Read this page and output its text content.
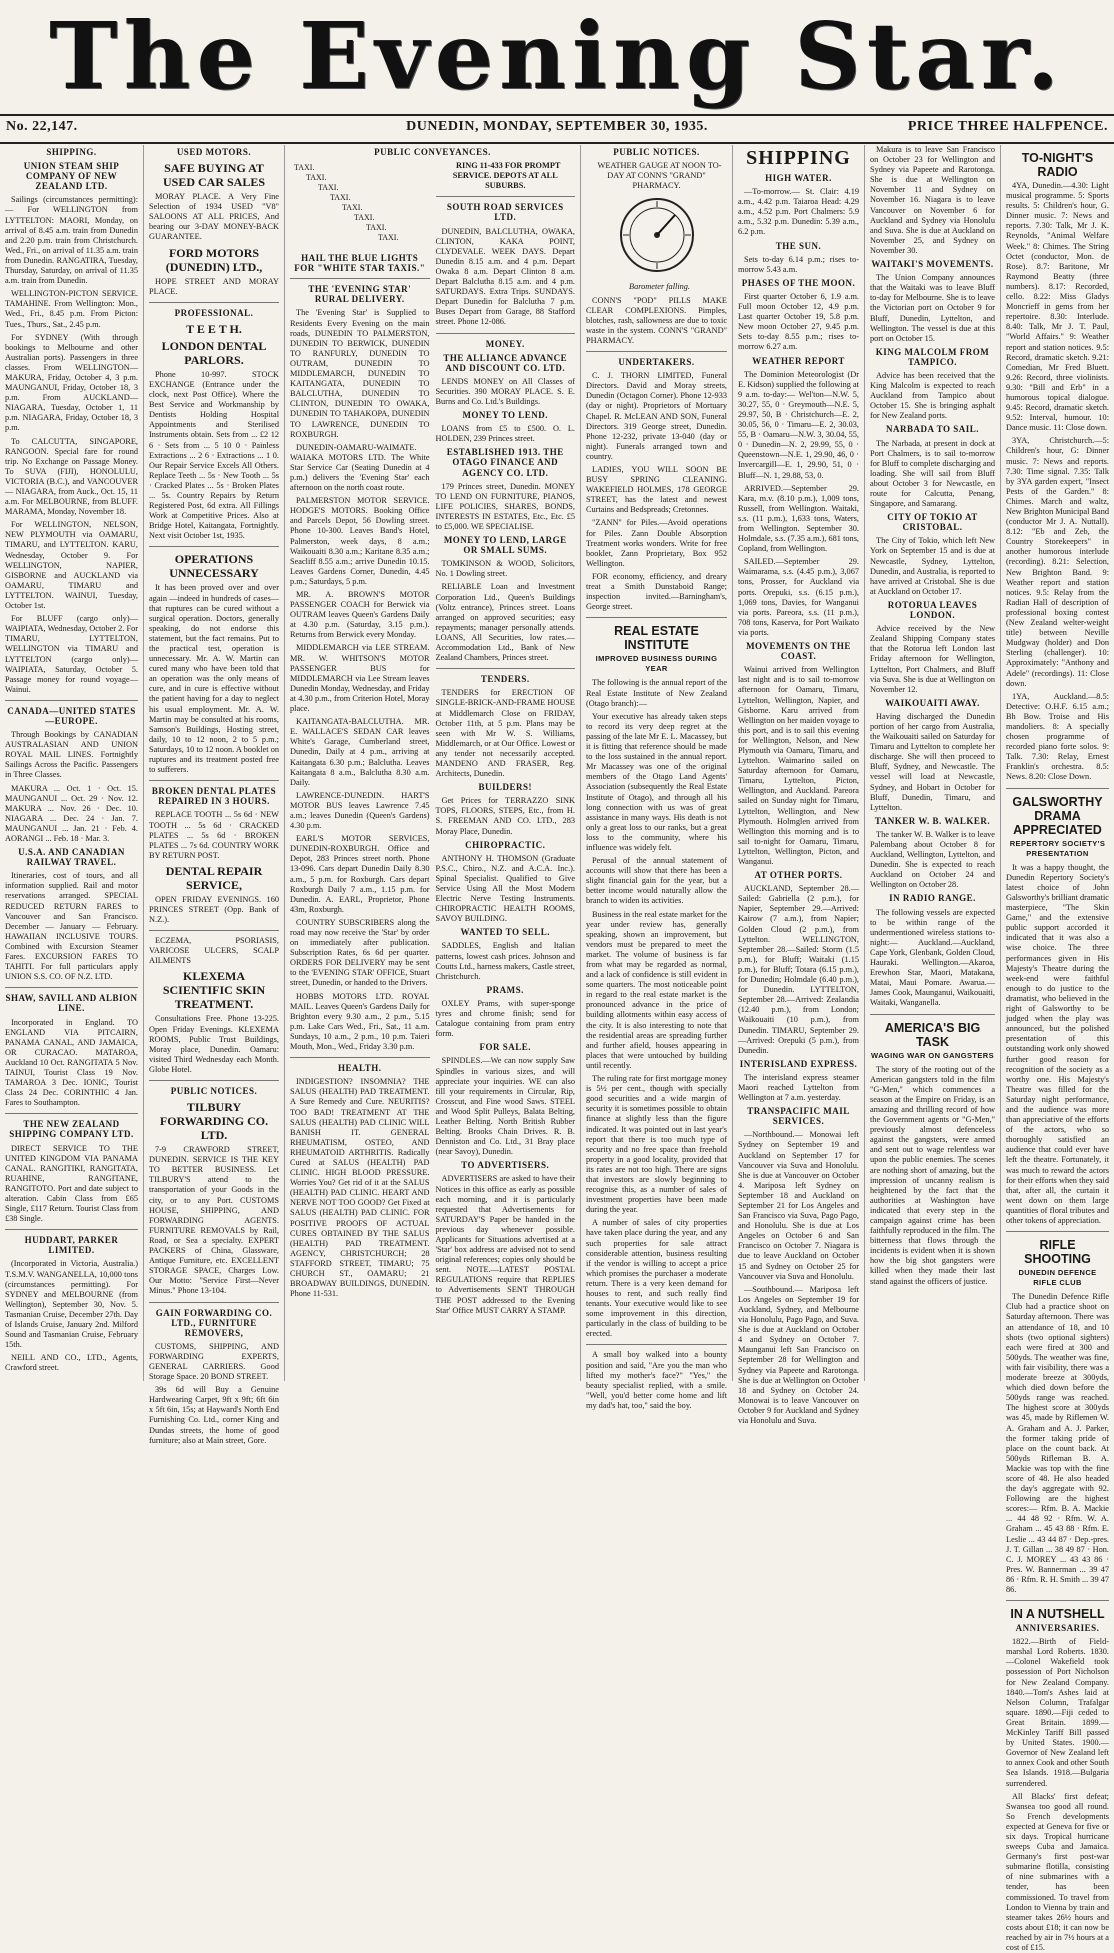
The Evening Star.
No. 22,147.	DUNEDIN, MONDAY, SEPTEMBER 30, 1935.	PRICE THREE HALFPENCE.
SHIPPING.
UNION STEAM SHIP COMPANY OF NEW ZEALAND LTD.

Sailings (circumstances permitting):— For WELLINGTON from LYTTELTON: MAORI, Monday, on arrival of 8.45 a.m. train from Dunedin and 2.20 p.m. train from Christchurch. Wed., Fri., on arrival of 11.35 a.m. train from Dunedin. RANGATIRA, Tuesday, Thursday, Saturday, on arrival of 11.35 a.m. train from Dunedin.

WELLINGTON-PICTON SERVICE. TAMAHINE. From Wellington: Mon., Wed., Fri., 8.45 p.m. From Picton: Tues., Thurs., Sat., 2.45 p.m.

For SYDNEY (With through bookings to Melbourne and other Australian ports). Passengers in three classes. From WELLINGTON— MAKURA, Friday, October 4, 3 p.m. MAUNGANUI, Friday, October 18, 3 p.m. From AUCKLAND— NIAGARA, Tuesday, October 1, 11 p.m. NIAGARA, Friday, October 18, 3 p.m.

To CALCUTTA, SINGAPORE, RANGOON. Special fare for round trip. No Exchange on Passage Money. To SUVA (FIJI), HONOLULU, VICTORIA (B.C.), and VANCOUVER— NIAGARA, from Auck., Oct. 15, 11 a.m. For MELBOURNE, from BLUFF. MARAMA, Monday, November 18.

For WELLINGTON, NELSON, NEW PLYMOUTH via OAMARU, TIMARU, and LYTTELTON. KARU, Wednesday, October 9. For WELLINGTON, NAPIER, GISBORNE and AUCKLAND via OAMARU, TIMARU and LYTTELTON. WAINUI, Tuesday, October 1st.

For BLUFF (cargo only)— WAIPIATA, Wednesday, October 2. For TIMARU, LYTTELTON, WELLINGTON via TIMARU and LYTTELTON (cargo only)— WAIPIATA, Saturday, October 5. Passage money for round voyage— Wainui.

CANADA—UNITED STATES—EUROPE.

Through Bookings by CANADIAN AUSTRALASIAN AND UNION ROYAL MAIL LINES. Fortnightly Sailings Across the Pacific. Passengers in Three Classes.

MAKURA ... Oct. 1 · Oct. 15. MAUNGANUI ... Oct. 29 · Nov. 12. MAKURA ... Nov. 26 · Dec. 10. NIAGARA ... Dec. 24 · Jan. 7. MAUNGANUI ... Jan. 21 · Feb. 4. AORANGI ... Feb. 18 · Mar. 3.

U.S.A. AND CANADIAN RAILWAY TRAVEL.

Itineraries, cost of tours, and all information supplied. Rail and motor reservations arranged. SPECIAL REDUCED RETURN FARES to Vancouver and San Francisco. December — January — February. HAWAIIAN INCLUSIVE TOURS. Combined with Excursion Steamer Fares. EXCURSION FARES TO TAHITI. For full particulars apply UNION S.S. CO. OF N.Z. LTD.

SHAW, SAVILL AND ALBION LINE.

Incorporated in England. TO ENGLAND VIA PITCAIRN, PANAMA CANAL, AND JAMAICA, OR CURACAO. MATAROA, Auckland 10 Oct. RANGITATA 5 Nov. TAINUI, Tourist Class 19 Nov. TAMAROA 3 Dec. IONIC, Tourist Class 24 Dec. CORINTHIC 4 Jan. Fares to Southampton.

THE NEW ZEALAND SHIPPING COMPANY LTD.

DIRECT SERVICE TO THE UNITED KINGDOM VIA PANAMA CANAL. RANGITIKI, RANGITATA, RUAHINE, RANGITANE, RANGITOTO. Port and date subject to alteration. Cabin Class from £65 Single, £117 Return. Tourist Class from £38 Single.

HUDDART, PARKER LIMITED.

(Incorporated in Victoria, Australia.) T.S.M.V. WANGANELLA, 10,000 tons (circumstances permitting). For SYDNEY and MELBOURNE (from Wellington), September 30, Nov. 5. Tasmanian Cruise, December 27th. Day of Islands Cruise, January 2nd. Milford Sound and Tasmanian Cruise, February 15th.

NEILL AND CO., LTD., Agents, Crawford street.

USED MOTORS.
SAFE BUYING AT USED CAR SALES

MORAY PLACE. A Very Fine Selection of 1934 USED "V8" SALOONS AT ALL PRICES, And bearing our 3-DAY MONEY-BACK GUARANTEE.

FORD MOTORS (DUNEDIN) LTD.,

HOPE STREET AND MORAY PLACE.

PROFESSIONAL.
T E E T H.
LONDON DENTAL PARLORS.

Phone 10-997. STOCK EXCHANGE (Entrance under the clock, next Post Office). Where the Best Service and Workmanship by Dentists Holding Hospital Appointments and Sterilised Instruments obtain. Sets from ... £2 12 6 · Sets from ... 5 10 0 · Painless Extractions ... 2 6 · Extractions ... 1 0. Our Repair Service Excels All Others. Replace Teeth ... 5s · New Tooth ... 5s · Cracked Plates ... 5s · Broken Plates ... 5s. Country Repairs by Return Registered Post, 6d extra. All Fillings Work at Competitive Prices. Also at Bridge Hotel, Kaitangata, Fortnightly. Next visit October 1st, 1935.

OPERATIONS UNNECESSARY

It has been proved over and over again —indeed in hundreds of cases—that ruptures can be cured without a surgical operation. Doctors, generally speaking, do not endorse this statement, but the fact remains. Put to the practical test, operation is unnecessary. Mr. A. W. Martin can cured many who have been told that an operation was the only means of cure, and in cure is effective without the patient having for a day to neglect his usual employment. Mr. A. W. Martin may be consulted at his rooms, Samson's Buildings, Hosting street, daily, 10 to 12 noon, 2 to 5 p.m.; Saturdays, 10 to 12 noon. A booklet on ruptures and its treatment posted free to sufferers.

BROKEN DENTAL PLATES REPAIRED IN 3 HOURS.

REPLACE TOOTH ... 5s 6d · NEW TOOTH ... 5s 6d · CRACKED PLATES ... 5s 6d · BROKEN PLATES ... 7s 6d. COUNTRY WORK BY RETURN POST.

DENTAL REPAIR SERVICE,

OPEN FRIDAY EVENINGS. 160 PRINCES STREET (Opp. Bank of N.Z.).

ECZEMA, PSORIASIS, VARICOSE ULCERS, SCALP AILMENTS

KLEXEMA SCIENTIFIC SKIN TREATMENT.

Consultations Free. Phone 13-225. Open Friday Evenings. KLEXEMA ROOMS, Public Trust Buildings, Moray place, Dunedin. Oamaru: visited Third Wednesday each Month. Globe Hotel.

PUBLIC NOTICES.
TILBURY FORWARDING CO. LTD.

7-9 CRAWFORD STREET, DUNEDIN. SERVICE IS THE KEY TO BETTER BUSINESS. Let TILBURY'S attend to the transportation of your Goods in the city, or to any Port. CUSTOMS HOUSE, SHIPPING, AND FORWARDING AGENTS. FURNITURE REMOVALS by Rail, Road, or Sea a specialty. EXPERT PACKERS of China, Glassware, Antique Furniture, etc. EXCELLENT STORAGE SPACE, Charges Low. Our Motto: "Service First—Never Minus." Phone 13-104.

GAIN FORWARDING CO. LTD., FURNITURE REMOVERS,

CUSTOMS, SHIPPING, AND FORWARDING EXPERTS, GENERAL CARRIERS. Good Storage Space. 20 BOND STREET.

39s 6d will Buy a Genuine Hardwearing Carpet, 9ft x 9ft; 6ft 6in x 5ft 6in, 15s; at Hayward's North End Furnishing Co. Ltd., corner King and Dundas streets, the home of good furniture; also at Main street, Gore.

PUBLIC CONVEYANCES.
TAXI.
TAXI.
TAXI.
TAXI.
TAXI.
TAXI.
TAXI.
TAXI.
HAIL THE BLUE LIGHTS FOR "WHITE STAR TAXIS."
THE 'EVENING STAR' RURAL DELIVERY.

The 'Evening Star' is Supplied to Residents Every Evening on the main roads, DUNEDIN TO PALMERSTON, DUNEDIN TO BERWICK, DUNEDIN TO RANFURLY, DUNEDIN TO OUTRAM, DUNEDIN TO MIDDLEMARCH, DUNEDIN TO KAITANGATA, DUNEDIN TO BALCLUTHA, DUNEDIN TO CLINTON, DUNEDIN TO OWAKA, DUNEDIN TO TAHAKOPA, DUNEDIN TO LAWRENCE, DUNEDIN TO ROXBURGH.

DUNEDIN-OAMARU-WAIMATE. WAIAKA MOTORS LTD. The White Star Service Car (Seating Dunedin at 4 p.m.) delivers the 'Evening Star' each afternoon on the north coast route.

PALMERSTON MOTOR SERVICE. HODGE'S MOTORS. Booking Office and Parcels Depot, 56 Dowling street. Phone 10-300. Leaves Band's Hotel, Palmerston, week days, 8 a.m.; Waikouaiti 8.30 a.m.; Karitane 8.35 a.m.; Seacliff 8.55 a.m.; arrive Dunedin 10.15. Leaves Gardens Corner, Dunedin, 4.45 p.m.; Saturdays, 5 p.m.

MR. A. BROWN'S MOTOR PASSENGER COACH for Berwick via OUTRAM leaves Queen's Gardens Daily at 4.30 p.m. (Saturday, 3.15 p.m.). Returns from Berwick every Monday.

MIDDLEMARCH via LEE STREAM. MR. W. WHITSON'S MOTOR PASSENGER BUS for MIDDLEMARCH via Lee Stream leaves Dunedin Monday, Wednesday, and Friday at 4.30 p.m., from Criterion Hotel, Moray place.

KAITANGATA-BALCLUTHA. MR. E. WALLACE'S SEDAN CAR leaves White's Garage, Cumberland street, Dunedin, Daily at 4 p.m., arriving at Kaitangata 6.30 p.m.; Balclutha. Leaves Kaitangata 8 a.m., Balclutha 8.30 a.m. Daily.

LAWRENCE-DUNEDIN. HART'S MOTOR BUS leaves Lawrence 7.45 a.m.; leaves Dunedin (Queen's Gardens) 4.30 p.m.

EARL'S MOTOR SERVICES, DUNEDIN-ROXBURGH. Office and Depot, 283 Princes street north. Phone 13-096. Cars depart Dunedin Daily 8.30 a.m., 5 p.m. for Roxburgh. Cars depart Roxburgh Daily 7 a.m., 1.15 p.m. for Dunedin. A. EARL, Proprietor, Phone 43m, Roxburgh.

COUNTRY SUBSCRIBERS along the road may now receive the 'Star' by order on immediately after publication. Subscription Rates, 6s 6d per quarter. ORDERS FOR DELIVERY may be sent to the 'EVENING STAR' OFFICE, Stuart street, Dunedin, or handed to the Drivers.

HOBBS MOTORS LTD. ROYAL MAIL. Leaves Queen's Gardens Daily for Brighton every 9.30 a.m., 2 p.m., 5.15 p.m. Lake Cars Wed., Fri., Sat., 11 a.m. Sundays, 10 a.m., 2 p.m., 10 p.m. Taieri Mouth, Mon., Wed., Friday 3.30 p.m.

HEALTH.

INDIGESTION? INSOMNIA? THE SALUS (HEALTH) PAD TREATMENT. A Sure Remedy and Cure. NEURITIS? TOO BAD! TREATMENT AT THE SALUS (HEALTH) PAD CLINIC WILL BANISH IT. GENERAL RHEUMATISM, OSTEO, AND RHEUMATOID ARTHRITIS. Radically Cured at SALUS (HEALTH) PAD CLINIC. HIGH BLOOD PRESSURE. Worries You? Get rid of it at the SALUS (HEALTH) PAD CLINIC. HEART AND NERVE NOT TOO GOOD? Get Fixed at SALUS (HEALTH) PAD CLINIC. FOR POSITIVE PROOFS OF ACTUAL CURES OBTAINED BY THE SALUS (HEALTH) PAD TREATMENT. AGENCY, CHRISTCHURCH; 28 STAFFORD STREET, TIMARU; 75 CHURCH ST., OAMARU; 21 BROADWAY BUILDINGS, DUNEDIN. Phone 11-531.

RING 11-433 FOR PROMPT SERVICE. DEPOTS AT ALL SUBURBS.

SOUTH ROAD SERVICES LTD.

DUNEDIN, BALCLUTHA, OWAKA, CLINTON, KAKA POINT, CLYDEVALE. WEEK DAYS. Depart Dunedin 8.15 a.m. and 4 p.m. Depart Owaka 8 a.m. Depart Clinton 8 a.m. Depart Balclutha 8.15 a.m. and 4 p.m. SATURDAYS. Extra Trips. SUNDAYS. Depart Dunedin for Balclutha 7 p.m. Buses Depart from Garage, 88 Stafford street. Phone 12-086.

MONEY.
THE ALLIANCE ADVANCE AND DISCOUNT CO. LTD.

LENDS MONEY on All Classes of Securities. 390 MORAY PLACE. S. E. Burns and Co. Ltd.'s Buildings.

MONEY TO LEND.

LOANS from £5 to £500. O. L. HOLDEN, 239 Princes street.

ESTABLISHED 1913. THE OTAGO FINANCE AND AGENCY CO. LTD.

179 Princes street, Dunedin. MONEY TO LEND ON FURNITURE, PIANOS, LIFE POLICIES, SHARES, BONDS, INTERESTS IN ESTATES, Etc., Etc. £5 to £5,000. WE SPECIALISE.

MONEY TO LEND, LARGE OR SMALL SUMS.

TOMKINSON & WOOD, Solicitors, No. 1 Dowling street.

RELIABLE Loan and Investment Corporation Ltd., Queen's Buildings (Voltz entrance), Princes street. Loans arranged on approved securities; easy repayments; manager personally attends. LOANS, All Securities, low rates.—Accommodation Ltd., Bank of New Zealand Chambers, Princes street.

TENDERS.

TENDERS for ERECTION OF SINGLE-BRICK-AND-FRAME HOUSE at Middlemarch Close on FRIDAY, October 11th, at 5 p.m. Plans may be seen with Mr W. S. Williams, Middlemarch, or at Our Office. Lowest or any tender not necessarily accepted. MANDENO AND FRASER, Reg. Architects, Dunedin.

BUILDERS!

Get Prices for TERRAZZO SINK TOPS, FLOORS, STEPS, Etc., from H. S. FREEMAN AND CO. LTD., 283 Moray Place, Dunedin.

CHIROPRACTIC.

ANTHONY H. THOMSON (Graduate P.S.C., Chiro., N.Z. and A.C.A. Inc.). Spinal Specialist. Qualified to Give Service Using All the Most Modern Electric Nerve Testing Instruments. CHIROPRACTIC HEALTH ROOMS, SAVOY BUILDING.

WANTED TO SELL.

SADDLES, English and Italian patterns, lowest cash prices. Johnson and Coutts Ltd., harness makers, Castle street, Christchurch.

PRAMS.

OXLEY Prams, with super-sponge tyres and chrome finish; send for Catalogue containing from pram entry form.

FOR SALE.

SPINDLES.—We can now supply Saw Spindles in various sizes, and will appreciate your inquiries. WE can also fill your requirements in Circular, Rip, Crosscut, and Fine wood Saws. STEEL and Wood Split Pulleys, Balata Belting, Leather Belting. North British Rubber Belting. Brooks Chain Drives. R. B. Denniston and Co. Ltd., 31 Bray place (near Savoy), Dunedin.

TO ADVERTISERS.

ADVERTISERS are asked to have their Notices in this office as early as possible each morning, and it is particularly requested that Advertisements for SATURDAY'S Paper be handed in the previous day whenever possible. Applicants for Situations advertised at a 'Star' box address are advised not to send original references; copies only should be sent. NOTE.—LATEST POSTAL REGULATIONS require that REPLIES to Advertisements SENT THROUGH THE POST addressed to the Evening Star' Office MUST CARRY A STAMP.

PUBLIC NOTICES.

WEATHER GAUGE AT NOON TO-DAY AT CONN'S "GRAND" PHARMACY.

Barometer falling.

CONN'S "POD" PILLS MAKE CLEAR COMPLEXIONS. Pimples, blotches, rash, sallowness are due to toxic waste in the system. CONN'S "GRAND" PHARMACY.

UNDERTAKERS.

C. J. THORN LIMITED, Funeral Directors. David and Moray streets, Dunedin (Octagon Corner). Phone 12-933 (day or night). Proprietors of Mortuary Chapel. R. McLEAN AND SON, Funeral Directors. 319 George street, Dunedin. Phone 12-232, private 13-040 (day or night). Funerals arranged town and country.

LADIES, YOU WILL SOON BE BUSY SPRING CLEANING. WAKEFIELD HOLMES, 178 GEORGE STREET, has the latest and newest Curtains and Bedspreads; Cretonnes.

"ZANN" for Piles.—Avoid operations for Piles. Zann Double Absorption Treatment works wonders. Write for free booklet, Zann Proprietary, Box 952 Wellington.

FOR economy, efficiency, and dreary treat a Smith Dunstaboid Range; inspection invited.—Barningham's, George street.

REAL ESTATE INSTITUTE
IMPROVED BUSINESS DURING YEAR

The following is the annual report of the Real Estate Institute of New Zealand (Otago branch):—

Your executive has already taken steps to record its very deep regret at the passing of the late Mr E. L. Macassey, but it is fitting that reference should be made to the loss sustained in the annual report. Mr Macassey was one of the original members of the Otago Land Agents' Association (subsequently the Real Estate Institute of Otago), and through all his long connection with us was of great assistance in many ways. His death is not only a great loss to our ranks, but a great loss to the community, where his influence was widely felt.

Perusal of the annual statement of accounts will show that there has been a slight financial gain for the year, but a better income would naturally allow the branch to widen its activities.

Business in the real estate market for the year under review has, generally speaking, shown an improvement, but vendors must be prepared to meet the market. The volume of business is far from what may be regarded as normal, and a lack of confidence is still evident in some quarters. The most noticeable point in regard to the real estate market is the pronounced advance in the price of building allotments within easy access of the city. It is also interesting to note that the residential areas are spreading further and further afield, houses appearing in places that were untouched by building until recently.

The ruling rate for first mortgage money is 5½ per cent., though with specially good securities and a wide margin of security it is sometimes possible to obtain finance at slightly less than the figure indicated. It was pointed out in last year's report that there is too much type of security and no free space than freehold property in a good locality, provided that its rates are not too high. There are signs that investors are slowly beginning to recognise this, as a number of sales of investment properties have been made during the year.

A number of sales of city properties have taken place during the year, and any such properties for sale attract considerable attention, business resulting if the vendor is willing to accept a price which promises the purchaser a moderate return. There is a very keen demand for houses to rent, and such really find tenants. Your executive would like to see some improvement in this direction, particularly in the class of building to be erected.

A small boy walked into a bounty position and said, "Are you the man who lifted my mother's face?" "Yes," the beauty specialist replied, with a smile. "Well, you'd better come home and lift my dad's hat, too," said the boy.

SHIPPING
HIGH WATER.

—To-morrow.— St. Clair: 4.19 a.m., 4.42 p.m. Taiaroa Head: 4.29 a.m., 4.52 p.m. Port Chalmers: 5.9 a.m., 5.32 p.m. Dunedin: 5.39 a.m., 6.2 p.m.

THE SUN.

Sets to-day 6.14 p.m.; rises to-morrow 5.43 a.m.

PHASES OF THE MOON.

First quarter October 6, 1.9 a.m. Full moon October 12, 4.9 p.m. Last quarter October 19, 5.8 p.m. New moon October 27, 9.45 p.m. Sets to-day 8.55 p.m.; rises to-morrow 6.27 a.m.

WEATHER REPORT

The Dominion Meteorologist (Dr E. Kidson) supplied the following at 9 a.m. to-day:— Wel'ton—N.W. 5, 30.27, 55, 0 · Greymouth—N.E. 5, 29.97, 50, B · Christchurch—E. 2, 30.05, 56, 0 · Timaru—E. 2, 30.03, 55, B · Oamaru—N.W. 3, 30.04, 55, 0 · Dunedin—N. 2, 29.99, 55, 0 · Queenstown—N.E. 1, 29.90, 46, 0 · Invercargill—E. 1, 29.90, 51, 0 · Bluff—N. 1, 29.88, 53, 0.

ARRIVED.—September 29. Kara, m.v. (8.10 p.m.), 1,009 tons, Russell, from Wellington. Waitaki, s.s. (11 p.m.), 1,633 tons, Waters, from Wellington. September 30. Holmdale, s.s. (7.35 a.m.), 681 tons, Copland, from Wellington.

SAILED.—September 29. Waimarama, s.s. (4.45 p.m.), 3,067 tons, Prosser, for Auckland via ports. Orepuki, s.s. (6.15 p.m.), 1,069 tons, Davies, for Wanganui via ports. Pareora, s.s. (11 p.m.), 708 tons, Kaserva, for Port Waikato via ports.

MOVEMENTS ON THE COAST.

Wainui arrived from Wellington last night and is to sail to-morrow afternoon for Oamaru, Timaru, Lyttelton, Wellington, Napier, and Gisborne. Karu arrived from Wellington on her maiden voyage to this port, and is to sail this evening for Wellington, Nelson, and New Plymouth via Oamaru, Timaru, and Lyttelton. Waimarino sailed on Saturday afternoon for Oamaru, Timaru, Lyttelton, Picton, Wellington, and Auckland. Pareora sailed on Sunday night for Timaru, Lyttelton, Wellington, and New Plymouth. Holmglen arrived from Wellington this morning and is to sail to-night for Oamaru, Timaru, Lyttelton, Wellington, Picton, and Wanganui.

AT OTHER PORTS.

AUCKLAND, September 28.—Sailed: Gabriella (2 p.m.), for Napier, September 29.—Arrived: Kairow (7 a.m.), from Napier; Golden Cloud (2 p.m.), from Lyttelton. WELLINGTON, September 28.—Sailed: Storm (1.5 p.m.), for Bluff; Waitaki (1.15 p.m.), for Bluff; Totara (6.15 p.m.), for Dunedin; Holmdale (6.40 p.m.), for Dunedin. LYTTELTON, September 28.—Arrived: Zealandia (12.40 p.m.), from London; Waikouaiti (10 p.m.), from Dunedin. TIMARU, September 29.—Arrived: Orepuki (5 p.m.), from Dunedin.

INTERISLAND EXPRESS.

The interisland express steamer Maori reached Lyttelton from Wellington at 7 a.m. yesterday.

TRANSPACIFIC MAIL SERVICES.

—Northbound.— Monowai left Sydney on September 19 and Auckland on September 17 for Vancouver via Suva and Honolulu. She is due at Vancouver on October 4. Mariposa left Sydney on September 18 and Auckland on September 21 for Los Angeles and San Francisco via Suva, Pago Pago, and Honolulu. She is due at Los Angeles on October 6 and San Francisco on October 7. Niagara is due to leave Auckland on October 15 and Sydney on October 25 for Vancouver via Suva and Honolulu.

—Southbound.— Mariposa left Los Angeles on September 19 for Auckland, Sydney, and Melbourne via Honolulu, Pago Pago, and Suva. She is due at Auckland on October 4 and Sydney on October 7. Maunganui left San Francisco on September 28 for Wellington and Sydney via Papeete and Rarotonga. She is due at Wellington on October 18 and Sydney on October 24. Monowai is to leave Vancouver on October 9 for Auckland and Sydney via Honolulu and Suva.

Makura is to leave San Francisco on October 23 for Wellington and Sydney via Papeete and Rarotonga. She is due at Wellington on November 11 and Sydney on November 16. Niagara is to leave Vancouver on November 6 for Auckland and Sydney via Honolulu and Suva. She is due at Auckland on November 25, and Sydney on November 30.

WAITAKI'S MOVEMENTS.

The Union Company announces that the Waitaki was to leave Bluff to-day for Melbourne. She is to leave the Victorian port on October 9 for Bluff, Dunedin, Lyttelton, and Wellington. The vessel is due at this port on October 15.

KING MALCOLM FROM TAMPICO.

Advice has been received that the King Malcolm is expected to reach Auckland from Tampico about October 15. She is bringing asphalt for New Zealand ports.

NARBADA TO SAIL.

The Narbada, at present in dock at Port Chalmers, is to sail to-morrow for Bluff to complete discharging and loading. She will sail from Bluff about October 3 for Newcastle, en route for Calcutta, Penang, Singapore, and Samarang.

CITY OF TOKIO AT CRISTOBAL.

The City of Tokio, which left New York on September 15 and is due at Newcastle, Sydney, Lyttelton, Dunedin, and Australia, is reported to have arrived at Cristobal. She is due at Auckland on October 17.

ROTORUA LEAVES LONDON.

Advice received by the New Zealand Shipping Company states that the Rotorua left London last Friday afternoon for Wellington, Lyttelton, Port Chalmers, and Bluff via Suva. She is due at Wellington on November 12.

WAIKOUAITI AWAY.

Having discharged the Dunedin portion of her cargo from Australia, the Waikouaiti sailed on Saturday for Timaru and Lyttelton to complete her discharge. She will then proceed to Bluff, Sydney, and Newcastle. The vessel will load at Newcastle, Sydney, and Hobart in October for Bluff, Dunedin, Timaru, and Lyttelton.

TANKER W. B. WALKER.

The tanker W. B. Walker is to leave Palembang about October 8 for Auckland, Wellington, Lyttelton, and Dunedin. She is expected to reach Auckland on October 24 and Wellington on October 28.

IN RADIO RANGE.

The following vessels are expected to be within range of the undermentioned wireless stations to-night:— Auckland.—Auckland, Cape York, Glenbank, Golden Cloud, Hauraki. Wellington.—Akaroa, Erewhon Star, Maori, Matakana, Matai, Maui Pomare. Awarua.—James Cook, Maunganui, Waikouaiti, Waitaki, Wanganella.

AMERICA'S BIG TASK
WAGING WAR ON GANGSTERS

The story of the rooting out of the American gangsters told in the film "G-Men," which commences a season at the Empire on Friday, is an amazing and thrilling record of how the Government agents or "G-Men," previously almost defenceless against the gangsters, were armed and sent out to wage relentless war upon the public enemies. The scenes are nothing short of amazing, but the impression of uncanny realism is heightened by the fact that the authorities at Washington have indicated that every step in the campaign against crime has been faithfully reproduced in the film. The bitterness that flows through the incidents is evident when it is shown how the big shot gangsters were killed when they made their last stand against the officers of justice.

TO-NIGHT'S RADIO

4YA, Dunedin.—4.30: Light musical programme. 5: Sports results. 5: Children's hour, G. Dinner music. 7: News and reports. 7.30: Talk, Mr J. K. Reynolds, "Animal Welfare Week." 8: Chimes. The String Octet (conductor, Mon. de Rose). 8.7: Baritone, Mr Raymond Beatty (three numbers). 8.17: Recorded, cello. 8.22: Miss Gladys Moncrieff in gems from her repertoire. 8.30: Interlude. 8.40: Talk, Mr J. T. Paul, "World Affairs." 9: Weather report and station notices. 9.5: Record, dramatic sketch. 9.21: Comedian, Mr Fred Bluett. 9.26: Record, three violinists. 9.30: "Bill and Erb" in a humorous topical dialogue. 9.45: Record, dramatic sketch. 9.52: Interval, humour. 10: Dance music. 11: Close down.

3YA, Christchurch.—5: Children's hour, G: Dinner music. 7: News and reports. 7.30: Time signal. 7.35: Talk by 3YA garden expert, "Insect Pests of the Garden." 8: Chimes. March and waltz, New Brighton Municipal Band (conductor Mr J. A. Nuttall). 8.12: "Eb and Zeb, the Country Storekeepers" in another humorous interlude (recording). 8.21: Selection, New Brighton Band. 9: Weather report and station notices. 9.5: Relay from the Radian Hall of description of professional boxing contest (New Zealand welter-weight title) between Neville Mudgway (holder) and Don Sterling (challenger). 10: Approximately: "Anthony and Adele" (recordings). 11: Close down.

1YA, Auckland.—8.5: Detective: O.H.F. 6.15 a.m.; Bh Bow. Troise and His mandoliers. 8: A specially chosen programme of recorded piano forte solos. 9: Talk. 7.30: Relay, Ernest Franklin's orchestra. 8.5: News. 8.20: Close Down.

GALSWORTHY DRAMA APPRECIATED
REPERTORY SOCIETY'S PRESENTATION

It was a happy thought, the Dunedin Repertory Society's latest choice of John Galsworthy's brilliant dramatic masterpiece, "The Skin Game," and the extensive public support accorded it indicated that it was also a wise choice. The three performances given in His Majesty's Theatre during the week-end were faithful enough to do justice to the dramatist, who believed in the right of Galsworthy to be judged when the play was announced, but the polished presentation of this outstanding work only showed further good reason for recognition of the society as a worthy one. His Majesty's Theatre was filled for the Saturday night performance, and the audience was more than appreciative of the efforts of the actors, who so thoroughly satisfied an audience that could ever have left the theatre. Fortunately, it was much to reward the actors for their efforts when they said that, after all, the curtain it went down on them large quantities of floral tributes and other tokens of appreciation.

RIFLE SHOOTING
DUNEDIN DEFENCE RIFLE CLUB

The Dunedin Defence Rifle Club had a practice shoot on Saturday afternoon. There was an attendance of 18, and 10 shots (two optional sighters) each were fired at 300 and 500yds. The weather was fine, with fair visibility, there was a moderate breeze at 300yds, which died down before the 500yds range was reached. The highest score at 300yds was 45, made by Riflemen W. A. Graham and A. J. Parker, the former taking pride of place on the count back. At 500yds Rifleman B. A. Mackie was top with the fine score of 48. He also headed the day's aggregate with 92. Following are the highest scores:— Rfm. B. A. Mackie ... 44 48 92 · Rfm. W. A. Graham ... 45 43 88 · Rfm. E. Leslie ... 43 44 87 · Dep.-pres. J. T. Gillan ... 38 49 87 · Hon. C. J. MOREY ... 43 43 86 · Pres. W. Bannerman ... 39 47 86 · Rfm. R. H. Smith ... 39 47 86.

IN A NUTSHELL
ANNIVERSARIES.

1822.—Birth of Field-marshal Lord Roberts. 1830.—Colonel Wakefield took possession of Port Nicholson for New Zealand Company. 1840.—Tom's Ashes laid at Nelson Column, Trafalgar square. 1890.—Fiji ceded to Great Britain. 1899.—McKinley Tariff Bill passed by United States. 1900.—Governor of New Zealand left to annex Cook and other South Sea Islands. 1918.—Bulgaria surrendered.

All Blacks' first defeat; Swansea too good all round. So French developments expected at Geneva for five or six days. Tropical hurricane sweeps Cuba and Jamaica. Germany's first post-war submarine flotilla, consisting of nine submarines with a tender, has been commissioned. To travel from London to Vienna by train and steamer takes 26½ hours and costs about £18; it can now be reached by air in 7½ hours at a cost of £15.
